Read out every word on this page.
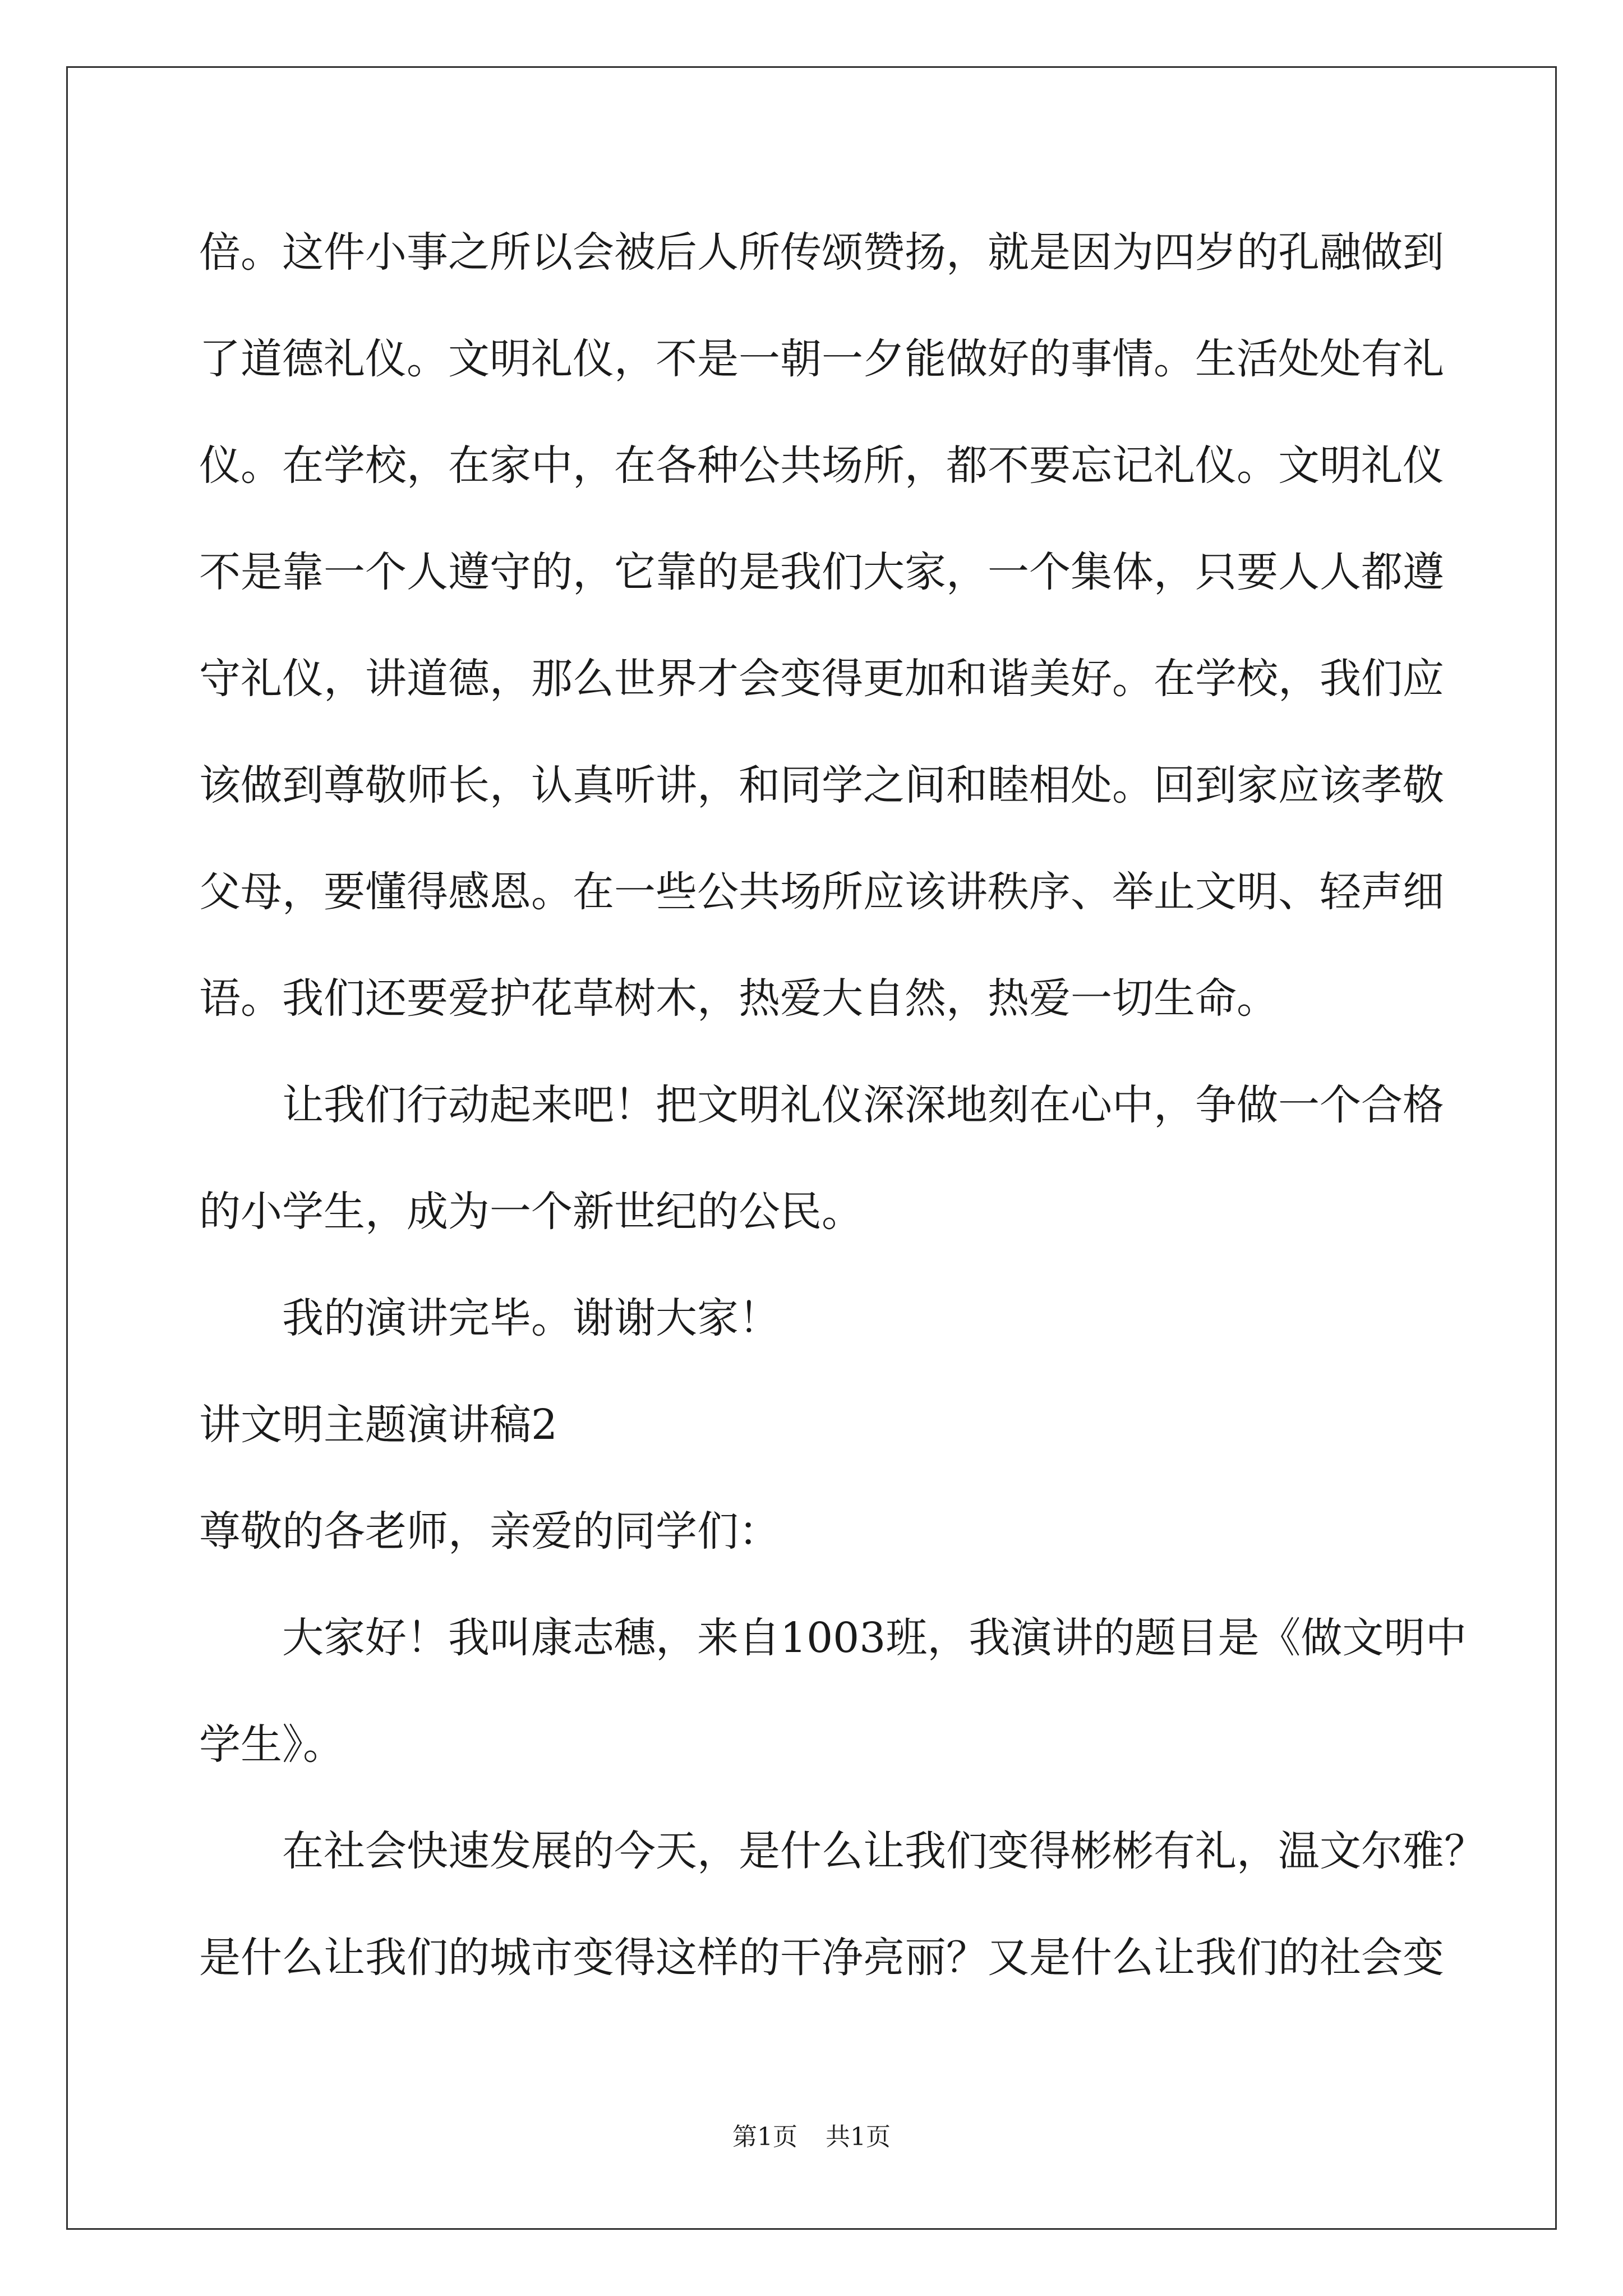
倍。这件小事之所以会被后人所传颂赞扬，就是因为四岁的孔融做到
了道德礼仪。文明礼仪，不是一朝一夕能做好的事情。生活处处有礼
仪。在学校，在家中，在各种公共场所，都不要忘记礼仪。文明礼仪
不是靠一个人遵守的，它靠的是我们大家，一个集体，只要人人都遵
守礼仪，讲道德，那么世界才会变得更加和谐美好。在学校，我们应
该做到尊敬师长，认真听讲，和同学之间和睦相处。回到家应该孝敬
父母，要懂得感恩。在一些公共场所应该讲秩序、举止文明、轻声细
语。我们还要爱护花草树木，热爱大自然，热爱一切生命。
让我们行动起来吧！把文明礼仪深深地刻在心中，争做一个合格
的小学生，成为一个新世纪的公民。
我的演讲完毕。谢谢大家！
讲文明主题演讲稿2
尊敬的各老师，亲爱的同学们：
大家好！我叫康志穗，来自1003班，我演讲的题目是《做文明中
学生》。
在社会快速发展的今天，是什么让我们变得彬彬有礼，温文尔雅？
是什么让我们的城市变得这样的干净亮丽？又是什么让我们的社会变
第1页 共1页
